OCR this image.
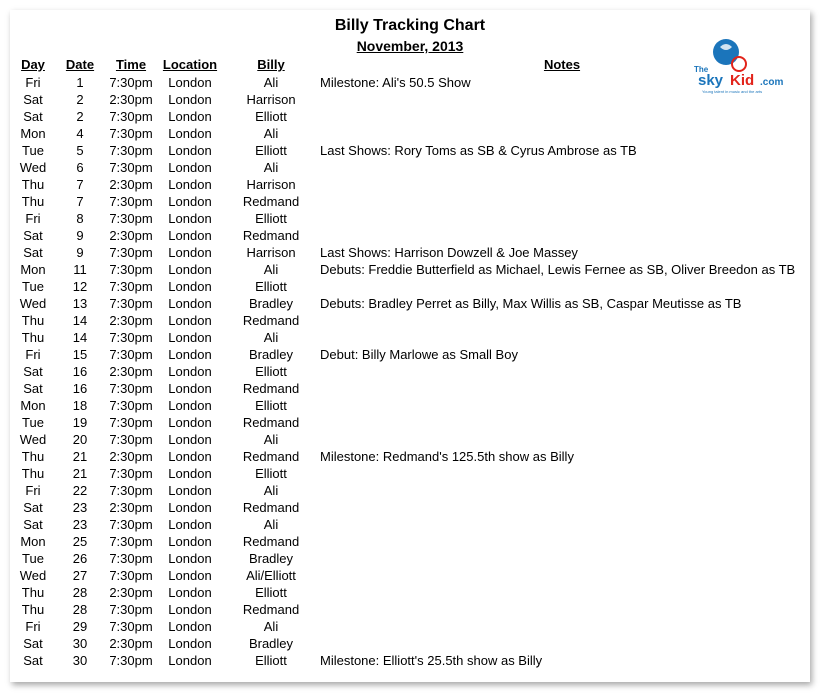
Billy Tracking Chart
November, 2013
Day	Date	Time	Location	Billy	Notes	The
sky Kid .com
Young talent in music and the arts
Fri	1	7:30pm	London	Ali	Milestone: Ali's 50.5 Show
Sat	2	2:30pm	London	Harrison
Sat	2	7:30pm	London	Elliott
Mon	4	7:30pm	London	Ali
Tue	5	7:30pm	London	Elliott	Last Shows: Rory Toms as SB & Cyrus Ambrose as TB
Wed	6	7:30pm	London	Ali
Thu	7	2:30pm	London	Harrison
Thu	7	7:30pm	London	Redmand
Fri	8	7:30pm	London	Elliott
Sat	9	2:30pm	London	Redmand
Sat	9	7:30pm	London	Harrison	Last Shows: Harrison Dowzell & Joe Massey
Mon	11	7:30pm	London	Ali	Debuts: Freddie Butterfield as Michael, Lewis Fernee as SB, Oliver Breedon as TB
Tue	12	7:30pm	London	Elliott
Wed	13	7:30pm	London	Bradley	Debuts: Bradley Perret as Billy, Max Willis as SB, Caspar Meutisse as TB
Thu	14	2:30pm	London	Redmand
Thu	14	7:30pm	London	Ali
Fri	15	7:30pm	London	Bradley	Debut: Billy Marlowe as Small Boy
Sat	16	2:30pm	London	Elliott
Sat	16	7:30pm	London	Redmand
Mon	18	7:30pm	London	Elliott
Tue	19	7:30pm	London	Redmand
Wed	20	7:30pm	London	Ali
Thu	21	2:30pm	London	Redmand	Milestone: Redmand's 125.5th show as Billy
Thu	21	7:30pm	London	Elliott
Fri	22	7:30pm	London	Ali
Sat	23	2:30pm	London	Redmand
Sat	23	7:30pm	London	Ali
Mon	25	7:30pm	London	Redmand
Tue	26	7:30pm	London	Bradley
Wed	27	7:30pm	London	Ali/Elliott
Thu	28	2:30pm	London	Elliott
Thu	28	7:30pm	London	Redmand
Fri	29	7:30pm	London	Ali
Sat	30	2:30pm	London	Bradley
Sat	30	7:30pm	London	Elliott	Milestone: Elliott's 25.5th show as Billy
